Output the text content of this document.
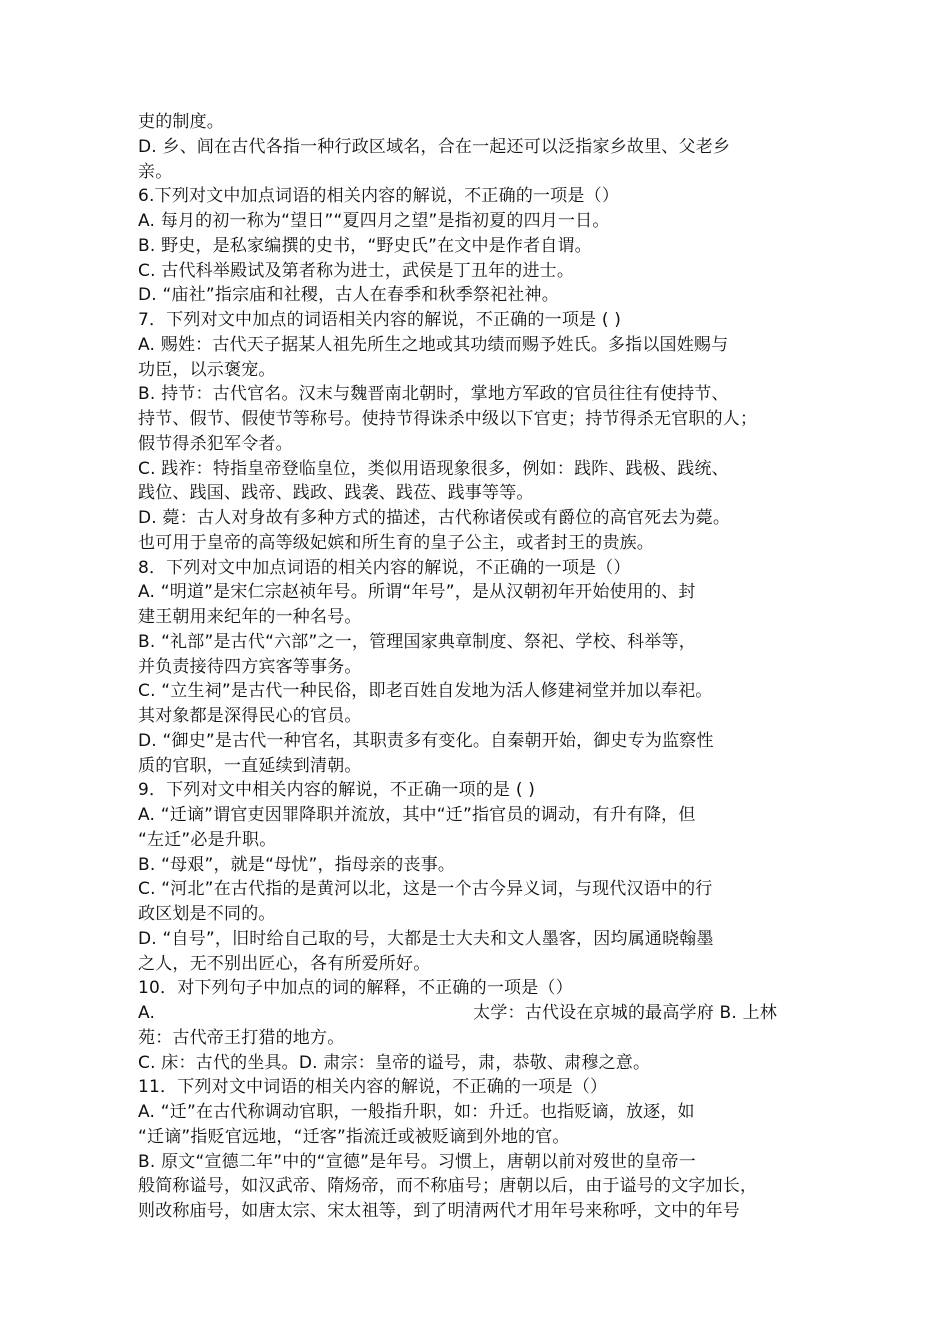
吏的制度。
D. 乡、闾在古代各指一种行政区域名，合在一起还可以泛指家乡故里、父老乡
亲。
6.下列对文中加点词语的相关内容的解说，不正确的一项是（）
A. 每月的初一称为“望日”“夏四月之望”是指初夏的四月一日。
B. 野史，是私家编撰的史书，“野史氏”在文中是作者自谓。
C. 古代科举殿试及第者称为进士，武侯是丁丑年的进士。
D. “庙社”指宗庙和社稷，古人在春季和秋季祭祀社神。
7．下列对文中加点的词语相关内容的解说，不正确的一项是 ( )
A. 赐姓：古代天子据某人祖先所生之地或其功绩而赐予姓氏。多指以国姓赐与
功臣，以示褒宠。
B. 持节：古代官名。汉末与魏晋南北朝时，掌地方军政的官员往往有使持节、
持节、假节、假使节等称号。使持节得诛杀中级以下官吏；持节得杀无官职的人；
假节得杀犯军令者。
C. 践祚：特指皇帝登临皇位，类似用语现象很多，例如：践阼、践极、践统、
践位、践国、践帝、践政、践袭、践莅、践事等等。
D. 薨：古人对身故有多种方式的描述，古代称诸侯或有爵位的高官死去为薨。
也可用于皇帝的高等级妃嫔和所生育的皇子公主，或者封王的贵族。
8．下列对文中加点词语的相关内容的解说，不正确的一项是（）
A. “明道”是宋仁宗赵祯年号。所谓“年号”，是从汉朝初年开始使用的、封
建王朝用来纪年的一种名号。
B. “礼部”是古代“六部”之一，管理国家典章制度、祭祀、学校、科举等，
并负责接待四方宾客等事务。
C. “立生祠”是古代一种民俗，即老百姓自发地为活人修建祠堂并加以奉祀。
其对象都是深得民心的官员。
D. “御史”是古代一种官名，其职责多有变化。自秦朝开始，御史专为监察性
质的官职，一直延续到清朝。
9．下列对文中相关内容的解说，不正确一项的是 ( )
A. “迁谪”谓官吏因罪降职并流放，其中“迁”指官员的调动，有升有降，但
“左迁”必是升职。
B. “母艰”，就是“母忧”，指母亲的丧事。
C. “河北”在古代指的是黄河以北，这是一个古今异义词，与现代汉语中的行
政区划是不同的。
D. “自号”，旧时给自己取的号，大都是士大夫和文人墨客，因均属通晓翰墨
之人，无不别出匠心，各有所爱所好。
10．对下列句子中加点的词的解释，不正确的一项是（）
A.	太学：古代设在京城的最高学府 B. 上林
苑：古代帝王打猎的地方。
C. 床：古代的坐具。D. 肃宗：皇帝的谥号，肃，恭敬、肃穆之意。
11．下列对文中词语的相关内容的解说，不正确的一项是（）
A. “迁”在古代称调动官职，一般指升职，如：升迁。也指贬谪，放逐，如
“迁谪”指贬官远地，“迁客”指流迁或被贬谪到外地的官。
B. 原文“宣德二年”中的“宣德”是年号。习惯上，唐朝以前对歿世的皇帝一
般简称谥号，如汉武帝、隋炀帝，而不称庙号；唐朝以后，由于谥号的文字加长，
则改称庙号，如唐太宗、宋太祖等，到了明清两代才用年号来称呼，文中的年号
